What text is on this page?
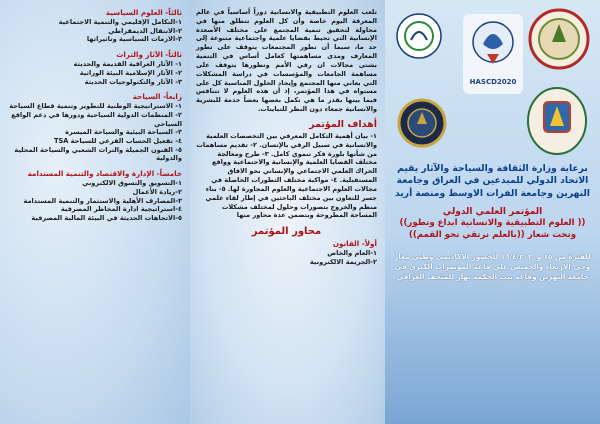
ثالثاً- العلوم السياسية

١-التكامل الإقليمي والتنمية الاجتماعية

٢-الانتقال الديمقراطي

٣-الازمات السياسية وتاثيراتها

ثالثاً- الآثار والتراث

١- الآثار العراقية القديمة والحديثة

٢- الآثار الإسلامية البيئة الوراثية

٣- الآثار والتكنولوجيات الحديثة

رابعاً- السياحة

١- الاستراتيجية الوطنية للتطوير وتنمية قطاع السياحة

٢- المنظمات الدولية السياحية ودورها في دعم الواقع السياحي

٣- السياحة البيئية والسياحة الميسرة

٤- تفعيل الحساب الفرعي للسياحة TSA

٥- الفنون الجميلة والتراث الشعبي والسياحة المحلية والدولية

خامساً- الإدارة والاقتصاد والتنمية المستدامة

١-التسويق والتسوق الالكتروني

٢-ريادة الأعمال

٣-المصارف الأهلية والاستثمار والتنمية المستدامة

٤-استراتيجية ادارة المخاطر المصرفية

٥-الاتجاهات الحديثة في البيئة المالية المصرفية

تلعب العلوم التطبيقية والانسانية دوراً أساسياً في عالم المعرفة اليوم خاصة وأن كل العلوم تنطلق منها في محاولة لتحقيق تنمية المجتمع على مختلف الأصعدة الإنسانية التي تحيط بقضايا علمية واجتماعية متنوعة إلى حد ما، سيما أن تطور المجتمعات يتوقف على تطور المعارف ومدى مساهمتها كعامل أساس في التنمية بشتى مجالات ان رقي الأمم وتطورها يتوقف على مساهمة الجامعات والمؤسسات في دراسة المشكلات التي يعاني منها المجتمع وإيجاد الحلول المناسبة كل على مستواه في هذا المؤتمر، إذ أن هذه العلوم لا تتنافس فيما بينها بقدر ما هي تكمل بعضها بعضاً خدمة للبشرية والانسانية جمعاء دون النظر للتباينات.

أهداف المؤتمر

١- بيان أهمية التكامل المعرفي بين التخصصات العلمية والانسانية في سبيل الرقي بالإنسان. ٢- تقديم مساهمات من شأنها بلورة فكر تنموي كامل. ٣- طرح ومعالجة مختلف القضايا العلمية والإنسانية والاجتماعية وواقع الحراك العلمي الاجتماعي والإنساني نحو الافاق المستقبلية. ٤- مواكبة مختلف التطورات الحاصلة في مجالات العلوم الاجتماعية والعلوم المجاورة لها. ٥- بناء جسر للتعاون بين مختلف الباحثين في إطار لقاء علمي منظم والخروج بتصورات وحلول لمختلف مشكلات المساحة المطروحة وبتضمن عدة محاور منها

محاور المؤتمر
أولاً- القانون

١-العام والخاص

٢-الجريمة الالكترونية

HASCD2020

برعاية وزارة الثقافة والسياحة والآثار يقيم الاتحاد الدولي للمبدعين في العراق وجامعة النهرين وجامعة الفرات الاوسط ومنصة أريد

المؤتمر العلمي الدولي

(( العلوم التطبيقية والانسانية ابداع وتطور))

وتحت شعار ((بالعلم نرتقي نحو القمم))

للفترة من ١٥ و١٦/٤/٢٠٢٠ للحضور الاكاديمي وطني معار وحي الاربعاء والخميس على قاعة المؤتمرات الكبرى في جامعة النهرين وقاعة بيت الحكمة نهار للمتحف العراقي
